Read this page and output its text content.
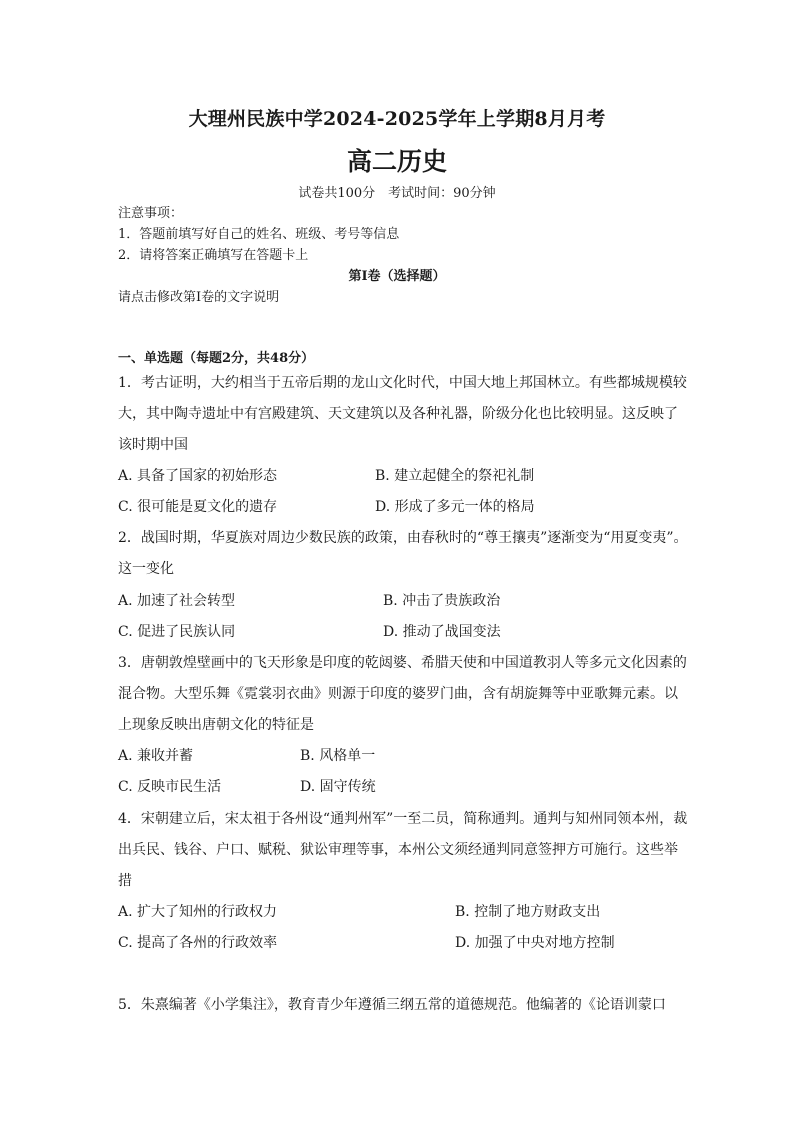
大理州民族中学2024-2025学年上学期8月月考
高二历史
试卷共100分　考试时间：90分钟
注意事项：
1．答题前填写好自己的姓名、班级、考号等信息
2．请将答案正确填写在答题卡上
第I卷（选择题）
请点击修改第I卷的文字说明
一、单选题（每题2分，共48分）
1．考古证明，大约相当于五帝后期的龙山文化时代，中国大地上邦国林立。有些都城规模较大，其中陶寺遗址中有宫殿建筑、天文建筑以及各种礼器，阶级分化也比较明显。这反映了该时期中国
A. 具备了国家的初始形态	B. 建立起健全的祭祀礼制
C. 很可能是夏文化的遗存	D. 形成了多元一体的格局
2．战国时期，华夏族对周边少数民族的政策，由春秋时的“尊王攘夷”逐渐变为“用夏变夷”。这一变化
A. 加速了社会转型	B. 冲击了贵族政治
C. 促进了民族认同	D. 推动了战国变法
3．唐朝敦煌壁画中的飞天形象是印度的乾闼婆、希腊天使和中国道教羽人等多元文化因素的混合物。大型乐舞《霓裳羽衣曲》则源于印度的婆罗门曲，含有胡旋舞等中亚歌舞元素。以上现象反映出唐朝文化的特征是
A. 兼收并蓄	B. 风格单一
C. 反映市民生活	D. 固守传统
4．宋朝建立后，宋太祖于各州设“通判州军”一至二员，简称通判。通判与知州同领本州，裁出兵民、钱谷、户口、赋税、狱讼审理等事，本州公文须经通判同意签押方可施行。这些举措
A. 扩大了知州的行政权力	B. 控制了地方财政支出
C. 提高了各州的行政效率	D. 加强了中央对地方控制
5．朱熹编著《小学集注》，教育青少年遵循三纲五常的道德规范。他编著的《论语训蒙口
